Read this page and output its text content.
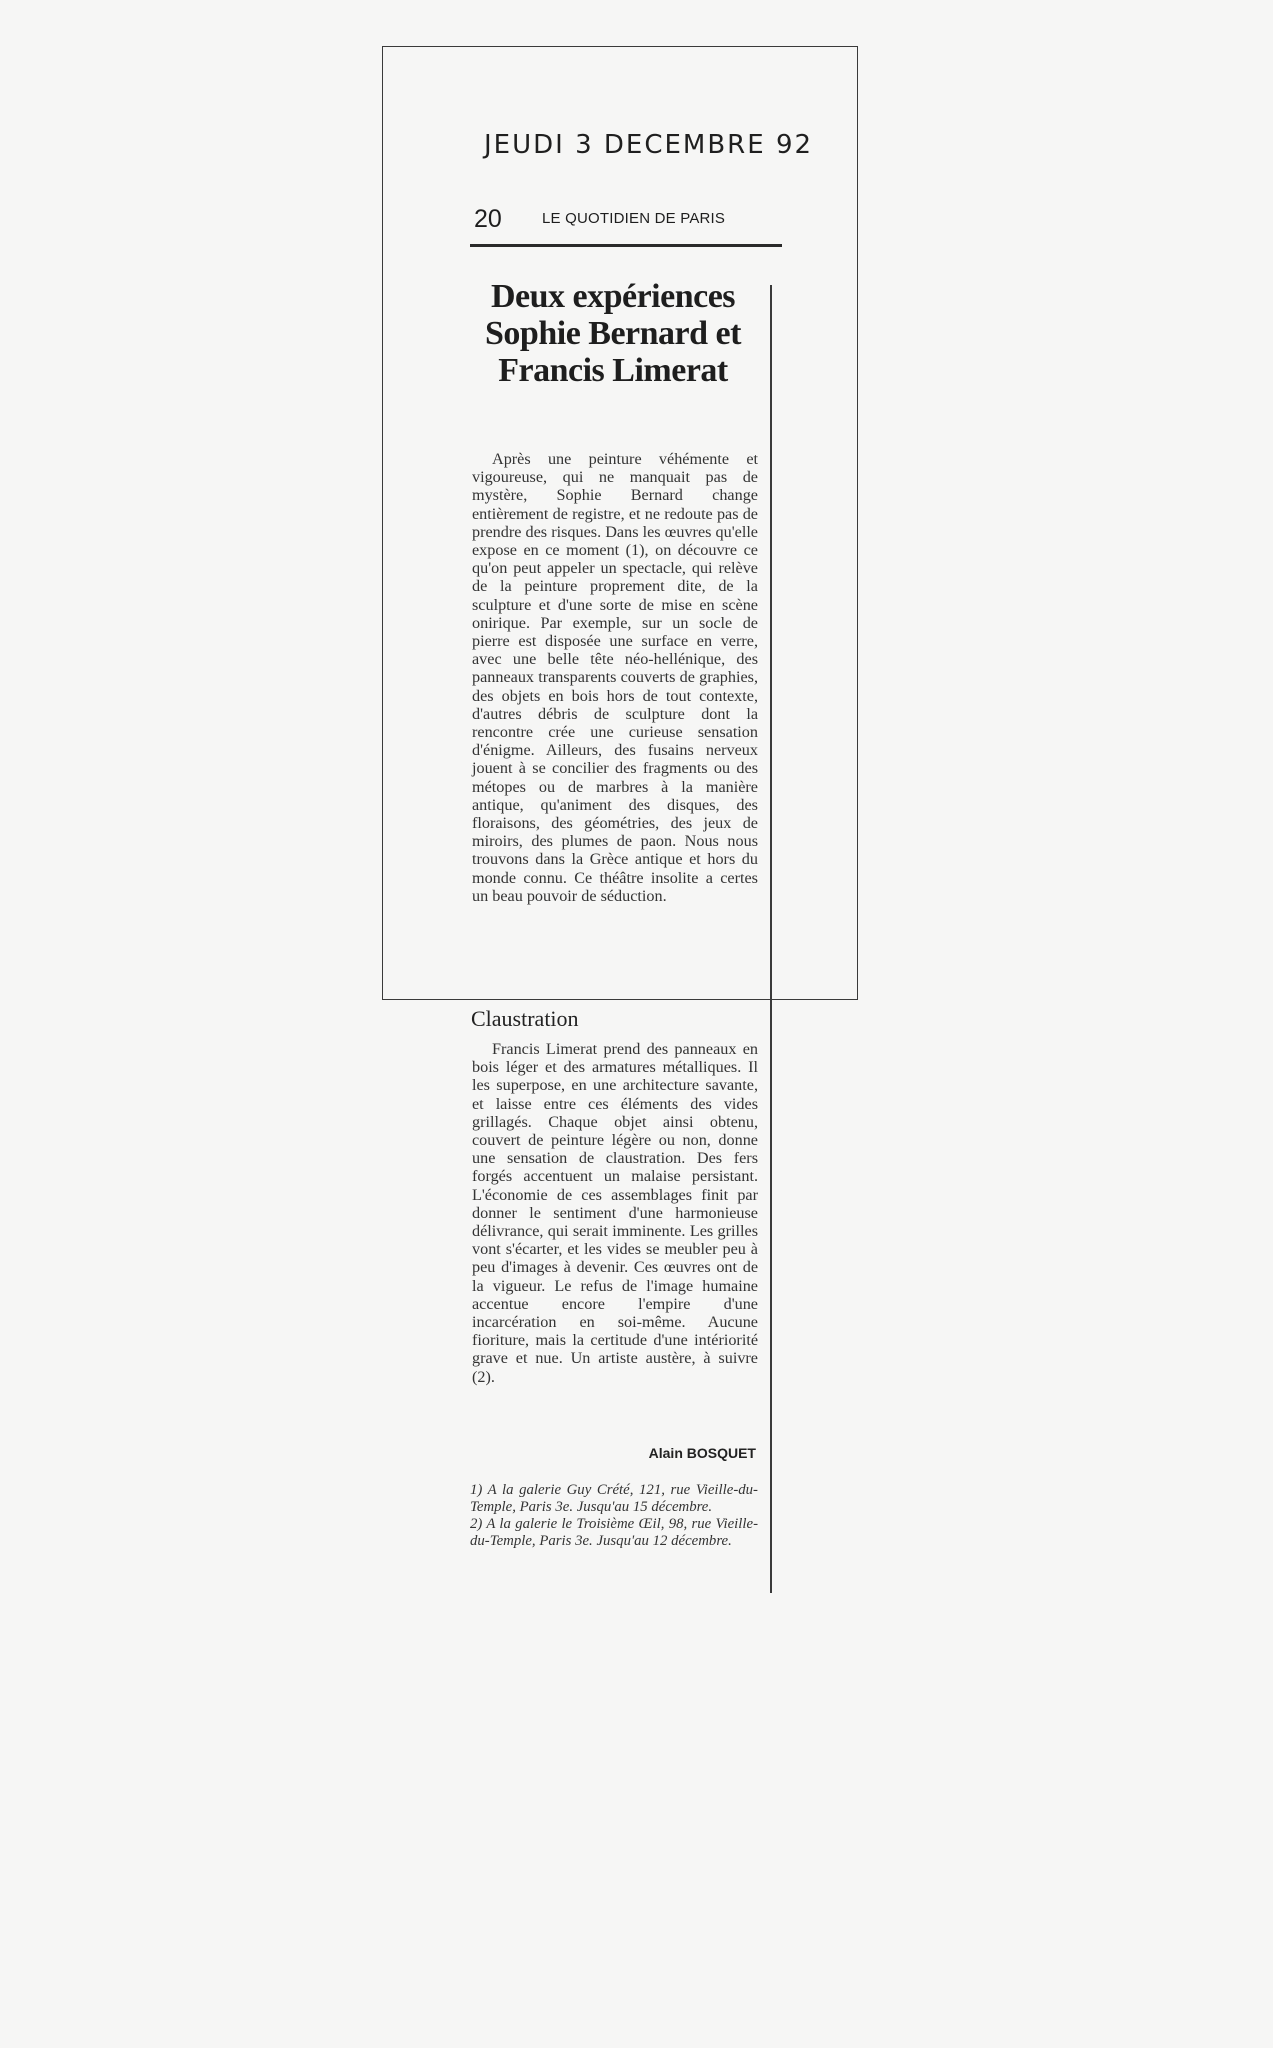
JEUDI 3 DECEMBRE 92
20	LE QUOTIDIEN DE PARIS
Deux expériences Sophie Bernard et Francis Limerat

Après une peinture véhémente et vigoureuse, qui ne manquait pas de mystère, Sophie Bernard change entièrement de registre, et ne redoute pas de prendre des risques. Dans les œuvres qu'elle expose en ce moment (1), on découvre ce qu'on peut appeler un spectacle, qui relève de la peinture proprement dite, de la sculpture et d'une sorte de mise en scène onirique. Par exemple, sur un socle de pierre est disposée une surface en verre, avec une belle tête néo-hellénique, des panneaux transparents couverts de graphies, des objets en bois hors de tout contexte, d'autres débris de sculpture dont la rencontre crée une curieuse sensation d'énigme. Ailleurs, des fusains nerveux jouent à se concilier des fragments ou des métopes ou de marbres à la manière antique, qu'animent des disques, des floraisons, des géométries, des jeux de miroirs, des plumes de paon. Nous nous trouvons dans la Grèce antique et hors du monde connu. Ce théâtre insolite a certes un beau pouvoir de séduction.

Claustration

Francis Limerat prend des panneaux en bois léger et des armatures métalliques. Il les superpose, en une architecture savante, et laisse entre ces éléments des vides grillagés. Chaque objet ainsi obtenu, couvert de peinture légère ou non, donne une sensation de claustration. Des fers forgés accentuent un malaise persistant. L'économie de ces assemblages finit par donner le sentiment d'une harmonieuse délivrance, qui serait imminente. Les grilles vont s'écarter, et les vides se meubler peu à peu d'images à devenir. Ces œuvres ont de la vigueur. Le refus de l'image humaine accentue encore l'empire d'une incarcération en soi-même. Aucune fioriture, mais la certitude d'une intériorité grave et nue. Un artiste austère, à suivre (2).

Alain BOSQUET

1) A la galerie Guy Crété, 121, rue Vieille-du-Temple, Paris 3e. Jusqu'au 15 décembre.

2) A la galerie le Troisième Œil, 98, rue Vieille-du-Temple, Paris 3e. Jusqu'au 12 décembre.
